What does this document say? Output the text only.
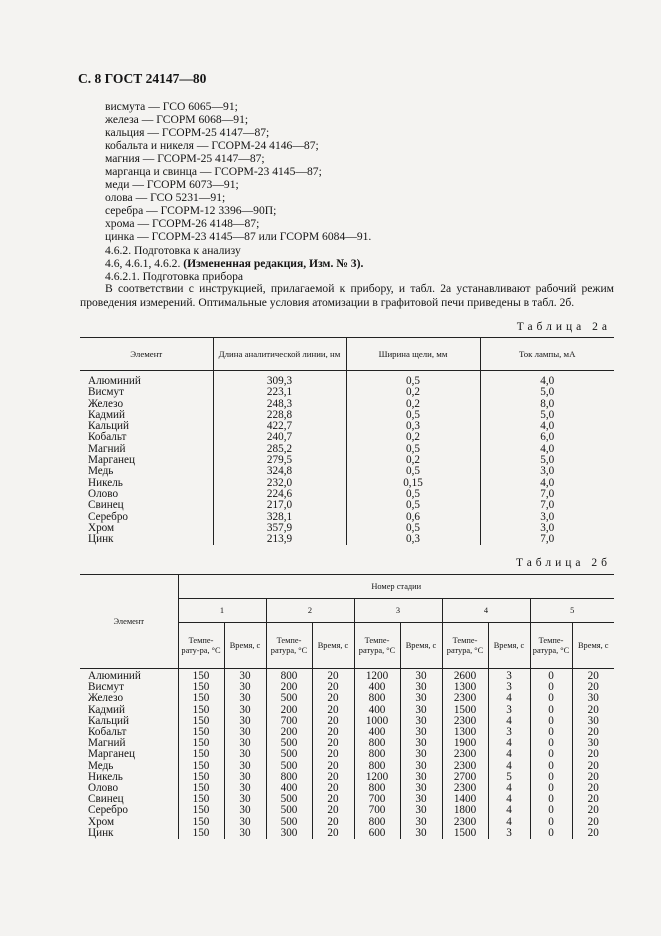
С. 8 ГОСТ 24147—80
висмута — ГСО 6065—91;
железа — ГСОРМ 6068—91;
кальция — ГСОРМ-25 4147—87;
кобальта и никеля — ГСОРМ-24 4146—87;
магния — ГСОРМ-25 4147—87;
марганца и свинца — ГСОРМ-23 4145—87;
меди — ГСОРМ 6073—91;
олова — ГСО 5231—91;
серебра — ГСОРМ-12 3396—90П;
хрома — ГСОРМ-26 4148—87;
цинка — ГСОРМ-23 4145—87 или ГСОРМ 6084—91.
4.6.2. Подготовка к анализу
4.6, 4.6.1, 4.6.2. (Измененная редакция, Изм. № 3).
4.6.2.1. Подготовка прибора
В соответствии с инструкцией, прилагаемой к прибору, и табл. 2а устанавливают рабочий режим проведения измерений. Оптимальные условия атомизации в графитовой печи приведены в табл. 2б.
Таблица 2а
Элемент	Длина аналитической линии, нм	Ширина щели, мм	Ток лампы, мА
Алюминий	309,3	0,5	4,0
Висмут	223,1	0,2	5,0
Железо	248,3	0,2	8,0
Кадмий	228,8	0,5	5,0
Кальций	422,7	0,3	4,0
Кобальт	240,7	0,2	6,0
Магний	285,2	0,5	4,0
Марганец	279,5	0,2	5,0
Медь	324,8	0,5	3,0
Никель	232,0	0,15	4,0
Олово	224,6	0,5	7,0
Свинец	217,0	0,5	7,0
Серебро	328,1	0,6	3,0
Хром	357,9	0,5	3,0
Цинк	213,9	0,3	7,0
Таблица 2б
Элемент	Номер стадии									
	1		2		3		4		5	
	Темпе-рату-ра, °С	Время, с	Темпе-ратура, °С	Время, с	Темпе-ратура, °С	Время, с	Темпе-ратура, °С	Время, с	Темпе-ратура, °С	Время, с
Алюминий	150	30	800	20	1200	30	2600	3	0	20
Висмут	150	30	200	20	400	30	1300	3	0	20
Железо	150	30	500	20	800	30	2300	4	0	30
Кадмий	150	30	200	20	400	30	1500	3	0	20
Кальций	150	30	700	20	1000	30	2300	4	0	30
Кобальт	150	30	200	20	400	30	1300	3	0	20
Магний	150	30	500	20	800	30	1900	4	0	30
Марганец	150	30	500	20	800	30	2300	4	0	20
Медь	150	30	500	20	800	30	2300	4	0	20
Никель	150	30	800	20	1200	30	2700	5	0	20
Олово	150	30	400	20	800	30	2300	4	0	20
Свинец	150	30	500	20	700	30	1400	4	0	20
Серебро	150	30	500	20	700	30	1800	4	0	20
Хром	150	30	500	20	800	30	2300	4	0	20
Цинк	150	30	300	20	600	30	1500	3	0	20
